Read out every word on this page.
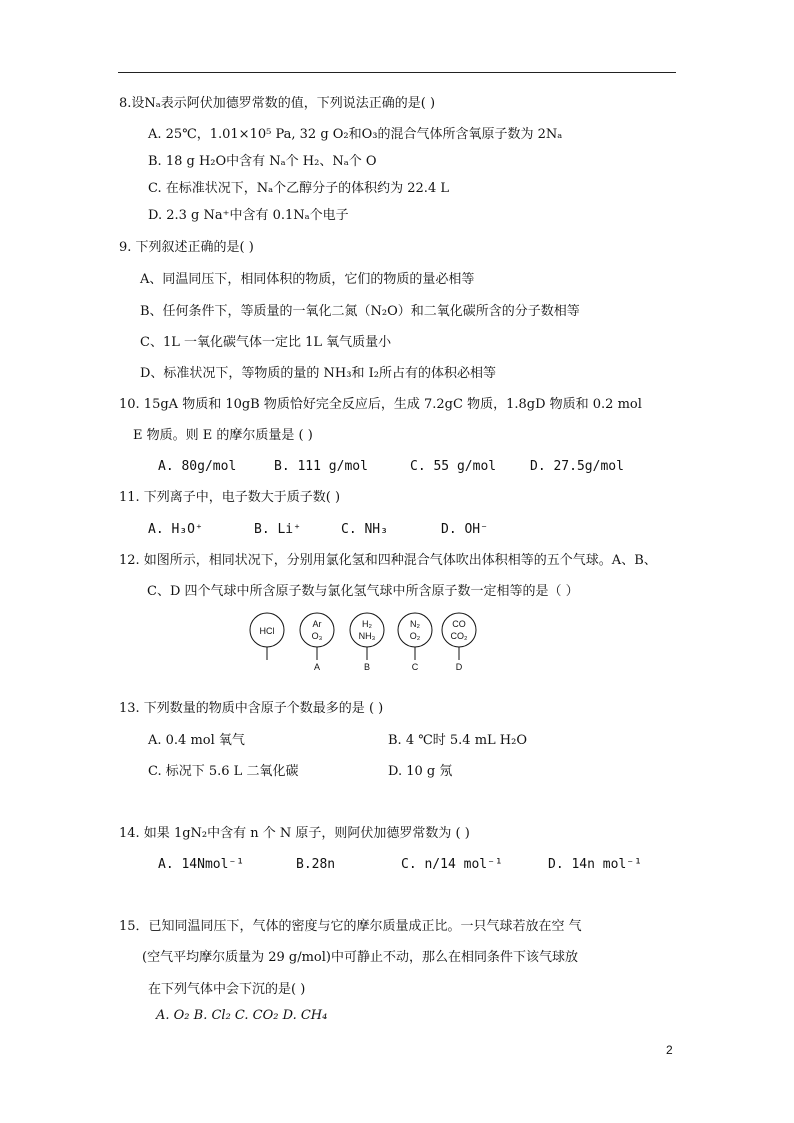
8.设Nₐ表示阿伏加德罗常数的值，下列说法正确的是( )
A. 25℃，1.01×10⁵ Pa, 32 g O₂和O₃的混合气体所含氧原子数为 2Nₐ
B. 18 g H₂O中含有 Nₐ个 H₂、Nₐ个 O
C. 在标准状况下，Nₐ个乙醇分子的体积约为 22.4 L
D. 2.3 g Na⁺中含有 0.1Nₐ个电子
9. 下列叙述正确的是( )
A、同温同压下，相同体积的物质，它们的物质的量必相等
B、任何条件下，等质量的一氧化二氮（N₂O）和二氧化碳所含的分子数相等
C、1L 一氧化碳气体一定比 1L 氧气质量小
D、标准状况下，等物质的量的 NH₃和 I₂所占有的体积必相等
10. 15gA 物质和 10gB 物质恰好完全反应后，生成 7.2gC 物质，1.8gD 物质和 0.2 mol
E 物质。则 E 的摩尔质量是 ( )
A. 80g/mol	B. 111 g/mol	C. 55 g/mol	D. 27.5g/mol
11. 下列离子中，电子数大于质子数( )
A. H₃O⁺	B. Li⁺	C. NH₃	D. OH⁻
12. 如图所示，相同状况下，分别用氯化氢和四种混合气体吹出体积相等的五个气球。A、B、
C、D 四个气球中所含原子数与氯化氢气球中所含原子数一定相等的是（ ）
HCl
Ar
O₃
A
H₂
NH₃
B
N₂
O₂
C
CO
CO₂
D
13. 下列数量的物质中含原子个数最多的是 ( )
A. 0.4 mol 氧气	B. 4 ℃时 5.4 mL H₂O
C. 标况下 5.6 L 二氧化碳	D. 10 g 氖
14. 如果 1gN₂中含有 n 个 N 原子，则阿伏加德罗常数为 ( )
A. 14Nmol⁻¹	B.28n	C. n/14 mol⁻¹	D. 14n mol⁻¹
15．已知同温同压下，气体的密度与它的摩尔质量成正比。一只气球若放在空 气
(空气平均摩尔质量为 29 g/mol)中可静止不动，那么在相同条件下该气球放
在下列气体中会下沉的是( )
A. O₂ B. Cl₂ C. CO₂ D. CH₄
2
